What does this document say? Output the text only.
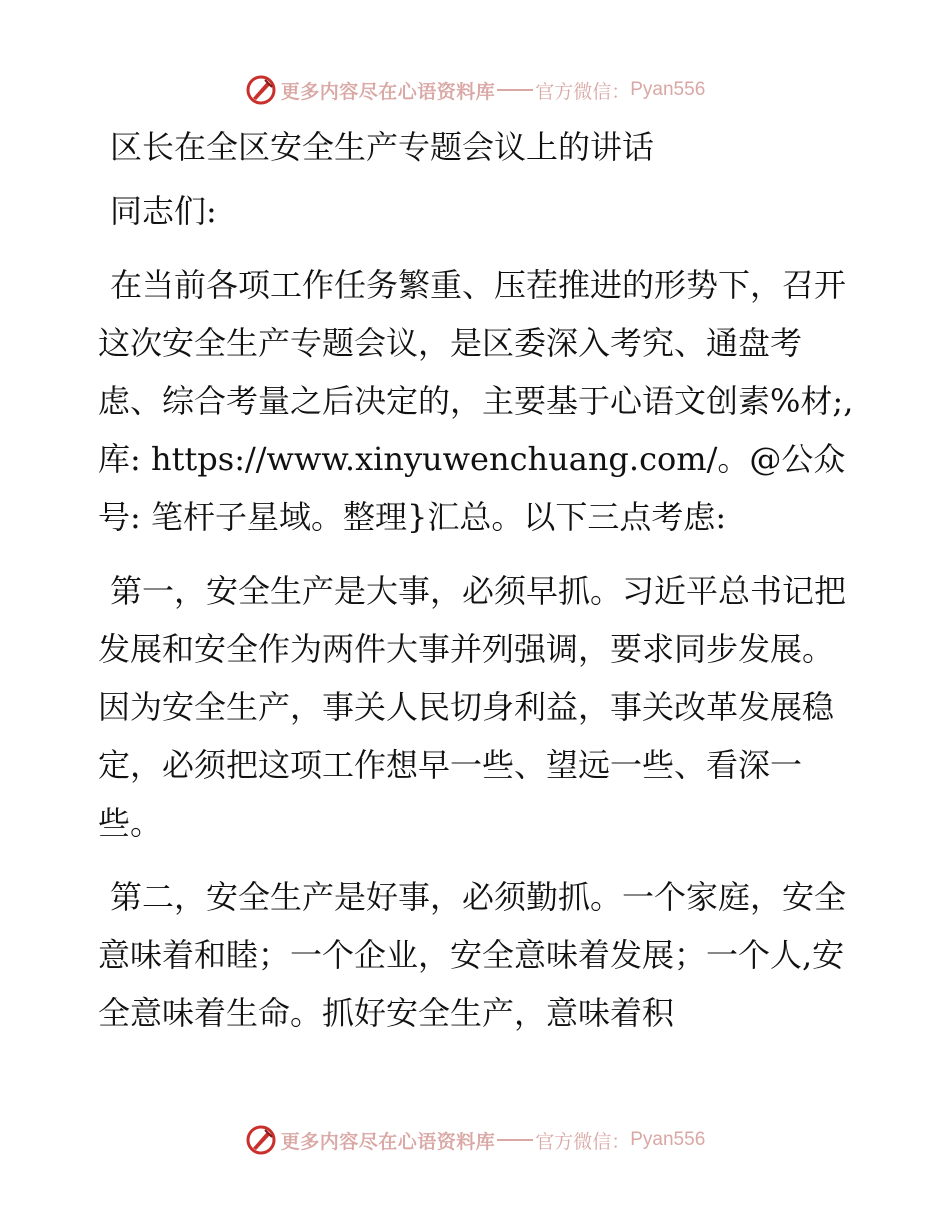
更多内容尽在心语资料库 官方微信： Pyan556
区长在全区安全生产专题会议上的讲话

同志们:

在当前各项工作任务繁重、压茬推进的形势下，召开这次安全生产专题会议，是区委深入考究、通盘考虑、综合考量之后决定的，主要基于心语文创素%材;,库: https://www.xinyuwenchuang.com/。@公众号: 笔杆子星域。整理}汇总。以下三点考虑:

第一，安全生产是大事，必须早抓。习近平总书记把发展和安全作为两件大事并列强调，要求同步发展。因为安全生产，事关人民切身利益，事关改革发展稳定，必须把这项工作想早一些、望远一些、看深一些。

第二，安全生产是好事，必须勤抓。一个家庭，安全意味着和睦；一个企业，安全意味着发展；一个人,安全意味着生命。抓好安全生产，意味着积

更多内容尽在心语资料库 官方微信： Pyan556
